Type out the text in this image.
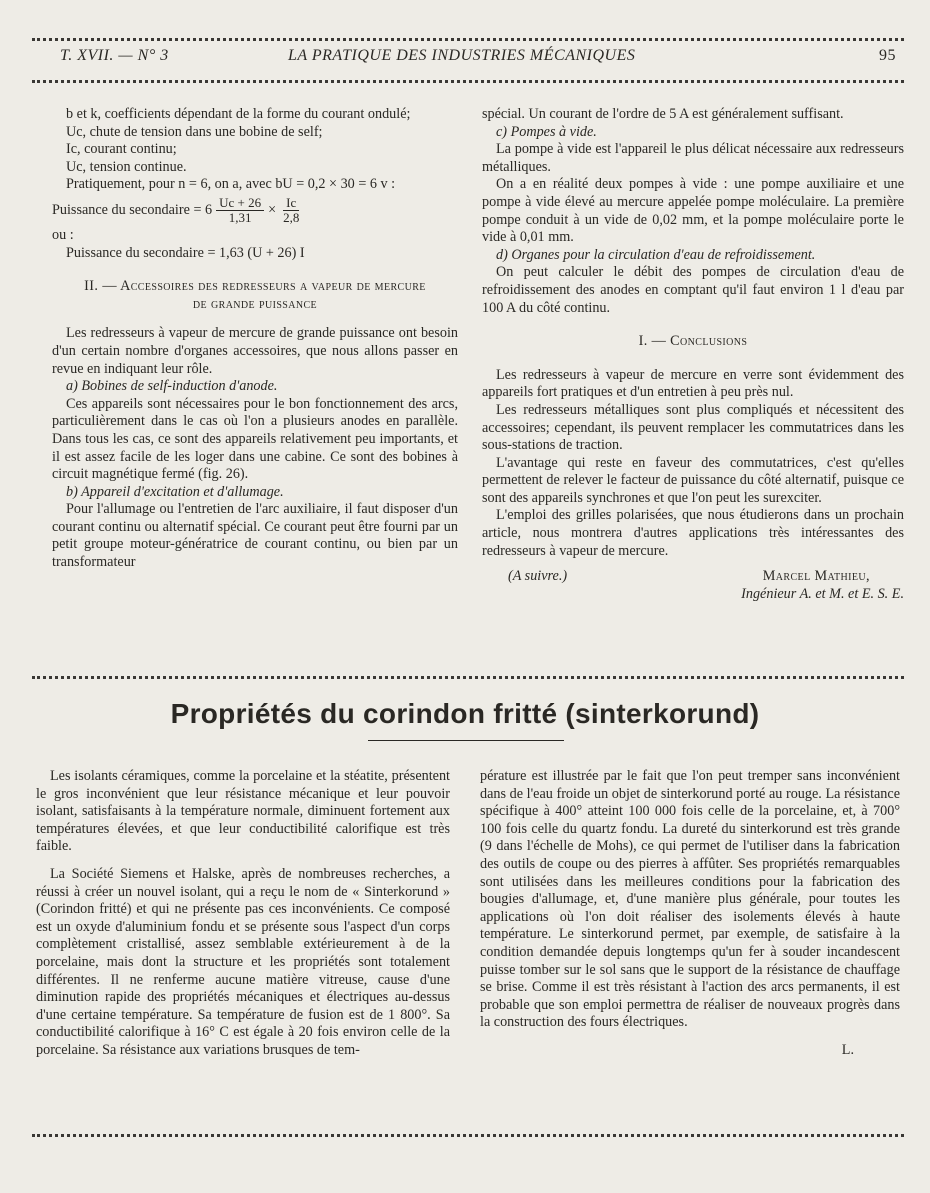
T. XVII. — N° 3	LA PRATIQUE DES INDUSTRIES MÉCANIQUES	95

b et k, coefficients dépendant de la forme du courant ondulé;

Uc, chute de tension dans une bobine de self;

Ic, courant continu;

Uc, tension continue.

Pratiquement, pour n = 6, on a, avec bU = 0,2 × 30 = 6 v :

Puissance du secondaire = $6 \frac{Uc + 26}{1,31} \times \frac{Ic}{2,8}$

ou :

Puissance du secondaire = 1,63 (U + 26) I

II. — Accessoires des redresseurs a vapeur de mercure
de grande puissance

Les redresseurs à vapeur de mercure de grande puissance ont besoin d'un certain nombre d'organes accessoires, que nous allons passer en revue en indiquant leur rôle.

a) Bobines de self-induction d'anode.

Ces appareils sont nécessaires pour le bon fonctionnement des arcs, particulièrement dans le cas où l'on a plusieurs anodes en parallèle. Dans tous les cas, ce sont des appareils relativement peu importants, et il est assez facile de les loger dans une cabine. Ce sont des bobines à circuit magnétique fermé (fig. 26).

b) Appareil d'excitation et d'allumage.

Pour l'allumage ou l'entretien de l'arc auxiliaire, il faut disposer d'un courant continu ou alternatif spécial. Ce courant peut être fourni par un petit groupe moteur-génératrice de courant continu, ou bien par un transformateur

spécial. Un courant de l'ordre de 5 A est généralement suffisant.

c) Pompes à vide.

La pompe à vide est l'appareil le plus délicat nécessaire aux redresseurs métalliques.

On a en réalité deux pompes à vide : une pompe auxiliaire et une pompe à vide élevé au mercure appelée pompe moléculaire. La première pompe conduit à un vide de 0,02 mm, et la pompe moléculaire porte le vide à 0,01 mm.

d) Organes pour la circulation d'eau de refroidissement.

On peut calculer le débit des pompes de circulation d'eau de refroidissement des anodes en comptant qu'il faut environ 1 l d'eau par 100 A du côté continu.

I. — Conclusions

Les redresseurs à vapeur de mercure en verre sont évidemment des appareils fort pratiques et d'un entretien à peu près nul.

Les redresseurs métalliques sont plus compliqués et nécessitent des accessoires; cependant, ils peuvent remplacer les commutatrices dans les sous-stations de traction.

L'avantage qui reste en faveur des commutatrices, c'est qu'elles permettent de relever le facteur de puissance du côté alternatif, puisque ce sont des appareils synchrones et que l'on peut les surexciter.

L'emploi des grilles polarisées, que nous étudierons dans un prochain article, nous montrera d'autres applications très intéressantes des redresseurs à vapeur de mercure.

(A suivre.)	Marcel Mathieu,

Ingénieur A. et M. et E. S. E.

Propriétés du corindon fritté (sinterkorund)

Les isolants céramiques, comme la porcelaine et la stéatite, présentent le gros inconvénient que leur résistance mécanique et leur pouvoir isolant, satisfaisants à la température normale, diminuent fortement aux températures élevées, et que leur conductibilité calorifique est très faible.

La Société Siemens et Halske, après de nombreuses recherches, a réussi à créer un nouvel isolant, qui a reçu le nom de « Sinterkorund » (Corindon fritté) et qui ne présente pas ces inconvénients. Ce composé est un oxyde d'aluminium fondu et se présente sous l'aspect d'un corps complètement cristallisé, assez semblable extérieurement à de la porcelaine, mais dont la structure et les propriétés sont totalement différentes. Il ne renferme aucune matière vitreuse, cause d'une diminution rapide des propriétés mécaniques et électriques au-dessus d'une certaine température. Sa température de fusion est de 1 800°. Sa conductibilité calorifique à 16° C est égale à 20 fois environ celle de la porcelaine. Sa résistance aux variations brusques de tem-

pérature est illustrée par le fait que l'on peut tremper sans inconvénient dans de l'eau froide un objet de sinterkorund porté au rouge. La résistance spécifique à 400° atteint 100 000 fois celle de la porcelaine, et, à 700° 100 fois celle du quartz fondu. La dureté du sinterkorund est très grande (9 dans l'échelle de Mohs), ce qui permet de l'utiliser dans la fabrication des outils de coupe ou des pierres à affûter. Ses propriétés remarquables sont utilisées dans les meilleures conditions pour la fabrication des bougies d'allumage, et, d'une manière plus générale, pour toutes les applications où l'on doit réaliser des isolements élevés à haute température. Le sinterkorund permet, par exemple, de satisfaire à la condition demandée depuis longtemps qu'un fer à souder incandescent puisse tomber sur le sol sans que le support de la résistance de chauffage se brise. Comme il est très résistant à l'action des arcs permanents, il est probable que son emploi permettra de réaliser de nouveaux progrès dans la construction des fours électriques.

L.
